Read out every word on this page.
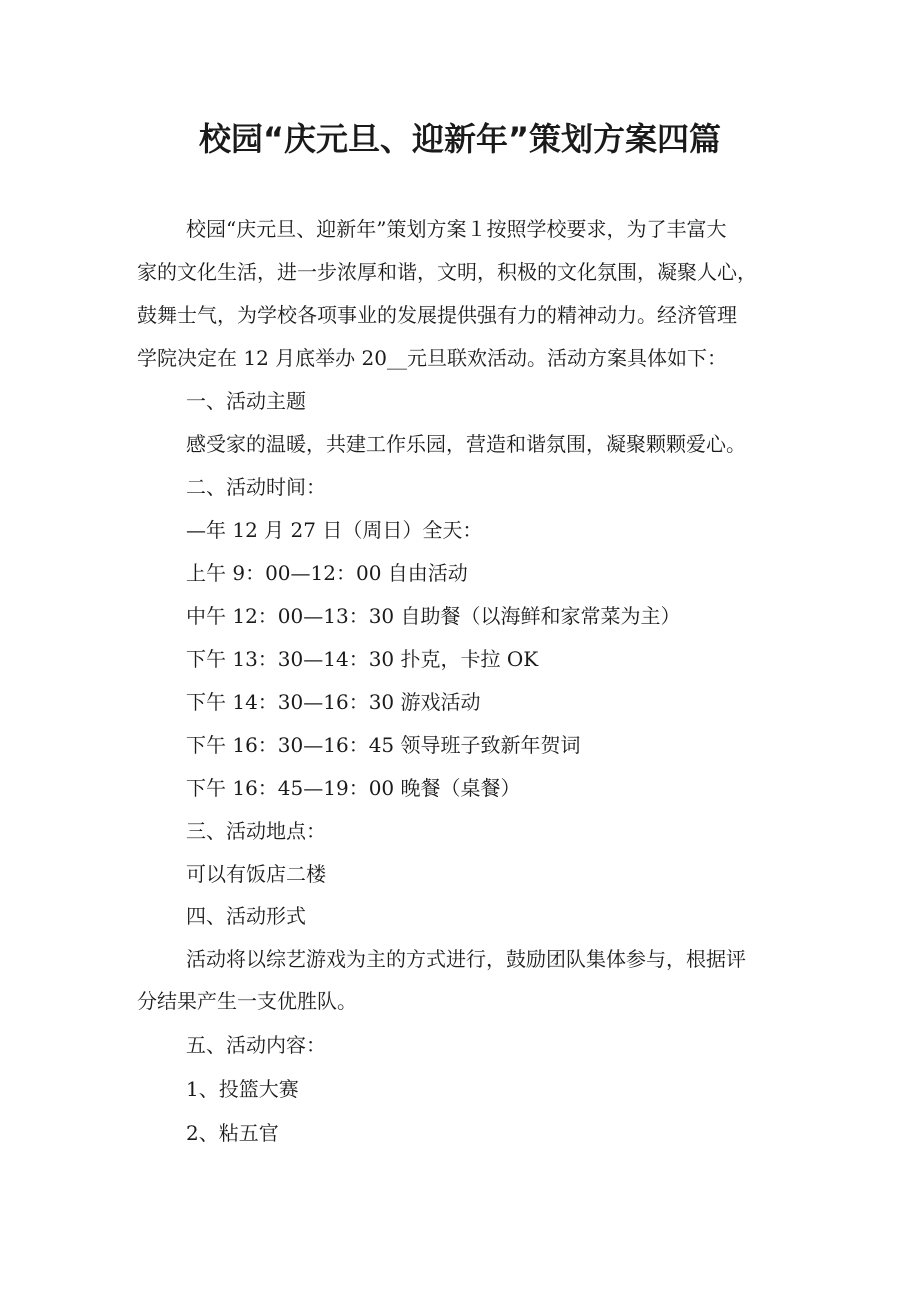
校园“庆元旦、迎新年”策划方案四篇
校园“庆元旦、迎新年”策划方案１按照学校要求，为了丰富大
家的文化生活，进一步浓厚和谐，文明，积极的文化氛围，凝聚人心，
鼓舞士气，为学校各项事业的发展提供强有力的精神动力。经济管理
学院决定在 12 月底举办 20__元旦联欢活动。活动方案具体如下：
一、活动主题
感受家的温暖，共建工作乐园，营造和谐氛围，凝聚颗颗爱心。
二、活动时间：
—年 12 月 27 日（周日）全天：
上午 9：00—12：00 自由活动
中午 12：00—13：30 自助餐（以海鲜和家常菜为主）
下午 13：30—14：30 扑克，卡拉 OK
下午 14：30—16：30 游戏活动
下午 16：30—16：45 领导班子致新年贺词
下午 16：45—19：00 晚餐（桌餐）
三、活动地点：
可以有饭店二楼
四、活动形式
活动将以综艺游戏为主的方式进行，鼓励团队集体参与，根据评
分结果产生一支优胜队。
五、活动内容：
1、投篮大赛
2、粘五官
